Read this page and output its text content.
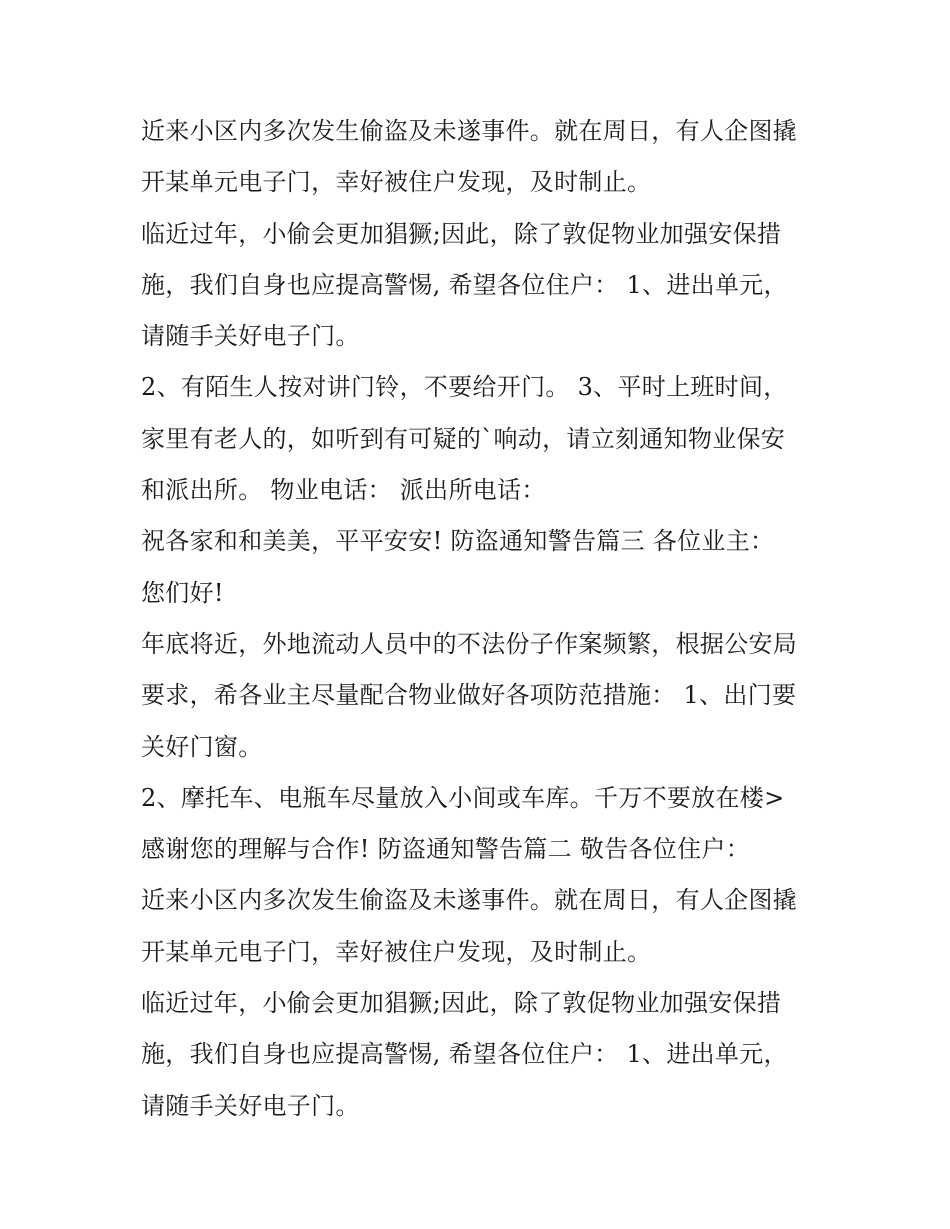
近来小区内多次发生偷盗及未遂事件。就在周日，有人企图撬
开某单元电子门，幸好被住户发现，及时制止。
临近过年，小偷会更加猖獗;因此，除了敦促物业加强安保措
施，我们自身也应提高警惕, 希望各位住户： 1、进出单元，
请随手关好电子门。
2、有陌生人按对讲门铃，不要给开门。 3、平时上班时间，
家里有老人的，如听到有可疑的`响动，请立刻通知物业保安
和派出所。 物业电话： 派出所电话：
祝各家和和美美，平平安安! 防盗通知警告篇三 各位业主：
您们好!
年底将近，外地流动人员中的不法份子作案频繁，根据公安局
要求，希各业主尽量配合物业做好各项防范措施： 1、出门要
关好门窗。
2、摩托车、电瓶车尽量放入小间或车库。千万不要放在楼>
感谢您的理解与合作! 防盗通知警告篇二 敬告各位住户：
近来小区内多次发生偷盗及未遂事件。就在周日，有人企图撬
开某单元电子门，幸好被住户发现，及时制止。
临近过年，小偷会更加猖獗;因此，除了敦促物业加强安保措
施，我们自身也应提高警惕, 希望各位住户： 1、进出单元，
请随手关好电子门。
